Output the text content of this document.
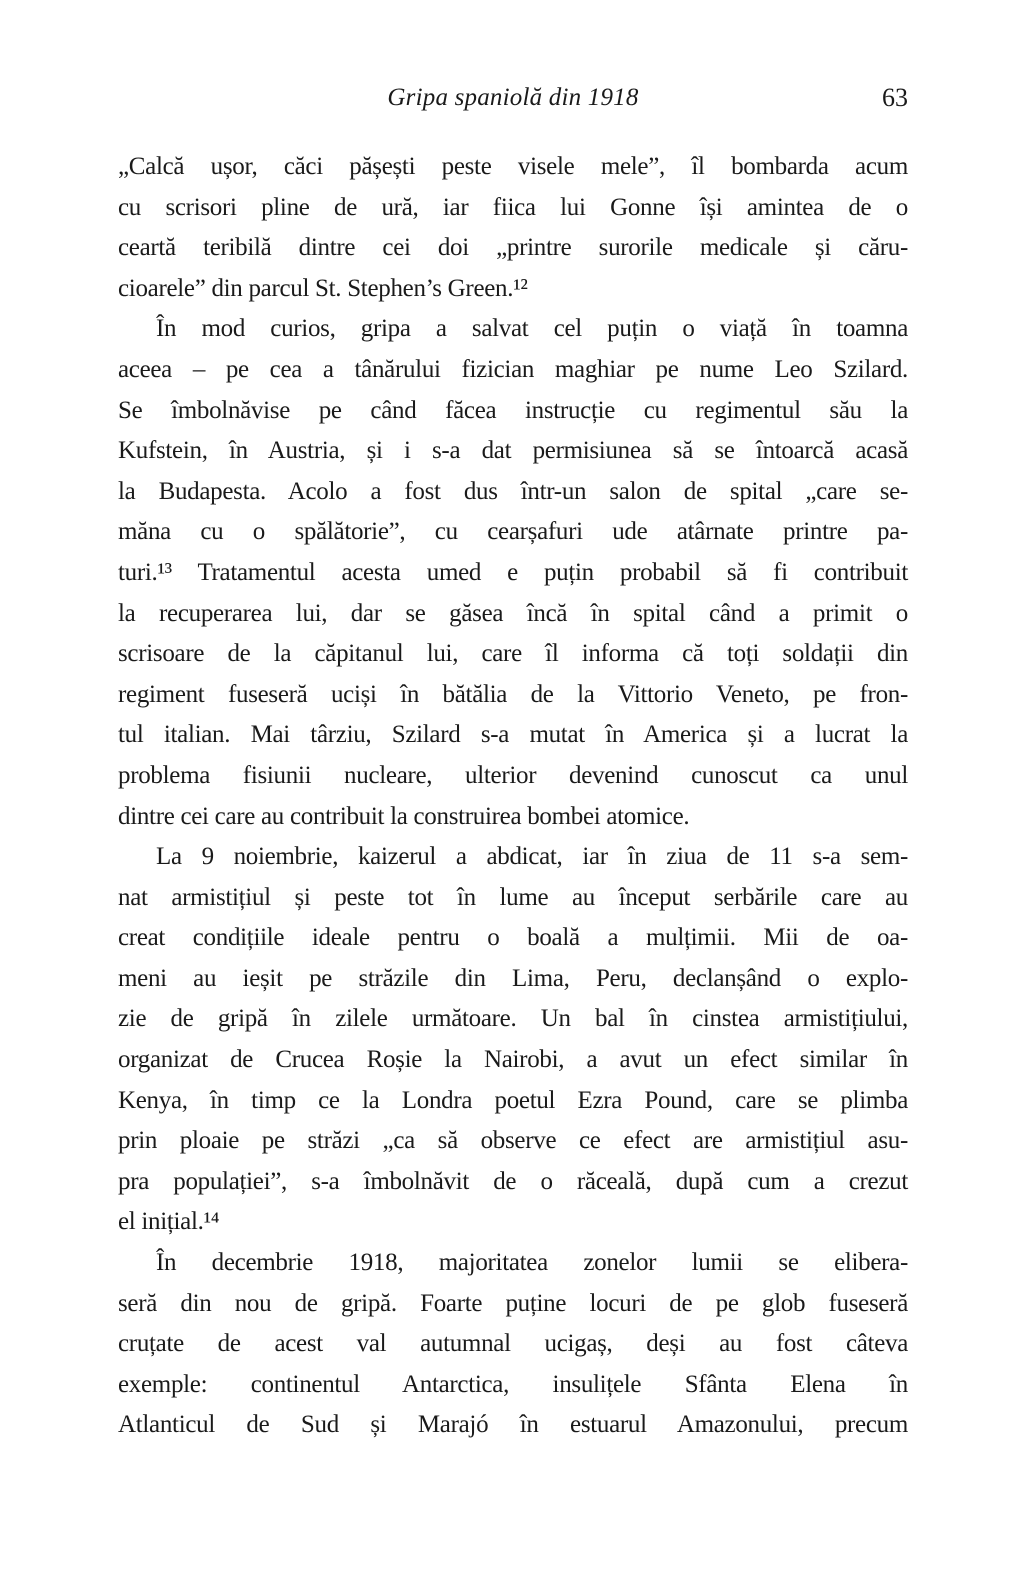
Gripa spaniolă din 1918	63
„Calcă ușor, căci pășești peste visele mele”, îl bombarda acum
cu scrisori pline de ură, iar fiica lui Gonne își amintea de o
ceartă teribilă dintre cei doi „printre surorile medicale și căru-
cioarele” din parcul St. Stephen’s Green.¹²
În mod curios, gripa a salvat cel puțin o viață în toamna
aceea – pe cea a tânărului fizician maghiar pe nume Leo Szilard.
Se îmbolnăvise pe când făcea instrucție cu regimentul său la
Kufstein, în Austria, și i s-a dat permisiunea să se întoarcă acasă
la Budapesta. Acolo a fost dus într-un salon de spital „care se-
măna cu o spălătorie”, cu cearșafuri ude atârnate printre pa-
turi.¹³ Tratamentul acesta umed e puțin probabil să fi contribuit
la recuperarea lui, dar se găsea încă în spital când a primit o
scrisoare de la căpitanul lui, care îl informa că toți soldații din
regiment fuseseră uciși în bătălia de la Vittorio Veneto, pe fron-
tul italian. Mai târziu, Szilard s-a mutat în America și a lucrat la
problema fisiunii nucleare, ulterior devenind cunoscut ca unul
dintre cei care au contribuit la construirea bombei atomice.
La 9 noiembrie, kaizerul a abdicat, iar în ziua de 11 s-a sem-
nat armistițiul și peste tot în lume au început serbările care au
creat condițiile ideale pentru o boală a mulțimii. Mii de oa-
meni au ieșit pe străzile din Lima, Peru, declanșând o explo-
zie de gripă în zilele următoare. Un bal în cinstea armistițiului,
organizat de Crucea Roșie la Nairobi, a avut un efect similar în
Kenya, în timp ce la Londra poetul Ezra Pound, care se plimba
prin ploaie pe străzi „ca să observe ce efect are armistițiul asu-
pra populației”, s-a îmbolnăvit de o răceală, după cum a crezut
el inițial.¹⁴
În decembrie 1918, majoritatea zonelor lumii se elibera-
seră din nou de gripă. Foarte puține locuri de pe glob fuseseră
cruțate de acest val autumnal ucigaș, deși au fost câteva
exemple: continentul Antarctica, insulițele Sfânta Elena în
Atlanticul de Sud și Marajó în estuarul Amazonului, precum
